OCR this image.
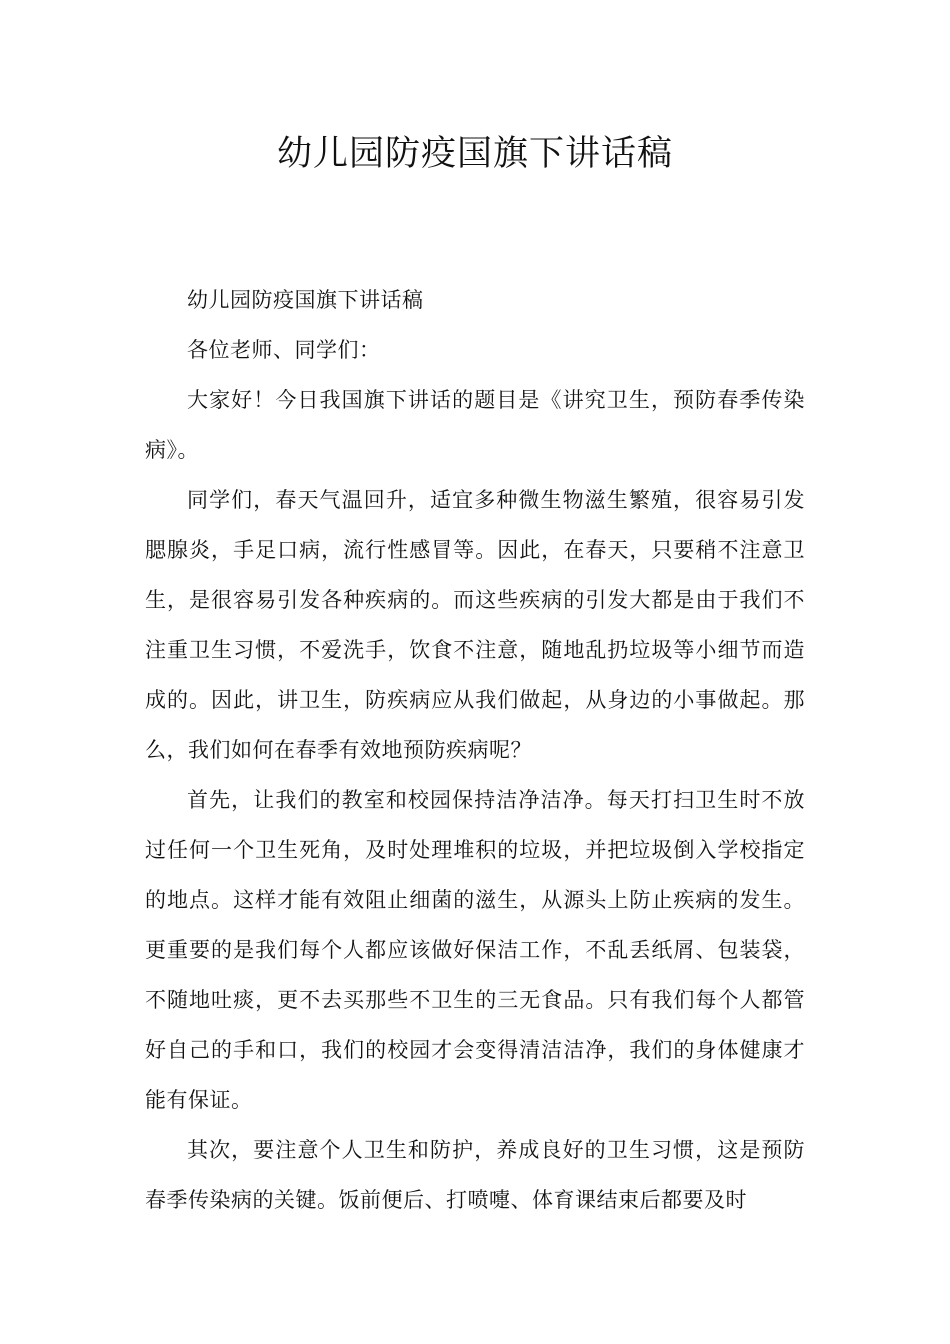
幼儿园防疫国旗下讲话稿

幼儿园防疫国旗下讲话稿

各位老师、同学们：

大家好！今日我国旗下讲话的题目是《讲究卫生，预防春季传染病》。

同学们，春天气温回升，适宜多种微生物滋生繁殖，很容易引发腮腺炎，手足口病，流行性感冒等。因此，在春天，只要稍不注意卫生，是很容易引发各种疾病的。而这些疾病的引发大都是由于我们不注重卫生习惯，不爱洗手，饮食不注意，随地乱扔垃圾等小细节而造成的。因此，讲卫生，防疾病应从我们做起，从身边的小事做起。那么，我们如何在春季有效地预防疾病呢？

首先，让我们的教室和校园保持洁净洁净。每天打扫卫生时不放过任何一个卫生死角，及时处理堆积的垃圾，并把垃圾倒入学校指定的地点。这样才能有效阻止细菌的滋生，从源头上防止疾病的发生。更重要的是我们每个人都应该做好保洁工作，不乱丢纸屑、包装袋，不随地吐痰，更不去买那些不卫生的三无食品。只有我们每个人都管好自己的手和口，我们的校园才会变得清洁洁净，我们的身体健康才能有保证。

其次，要注意个人卫生和防护，养成良好的卫生习惯，这是预防春季传染病的关键。饭前便后、打喷嚏、体育课结束后都要及时
